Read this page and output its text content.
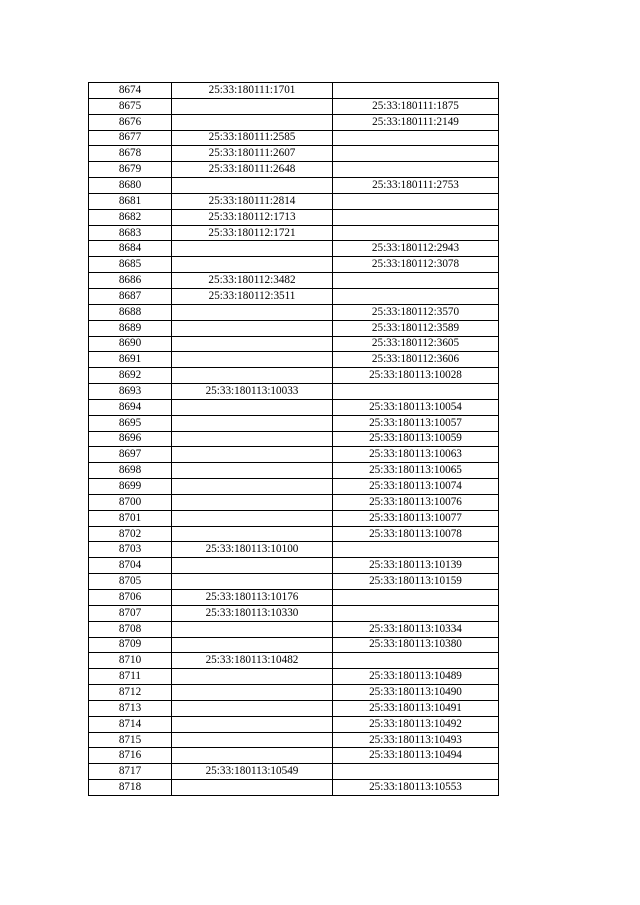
8674	25:33:180111:1701	
8675		25:33:180111:1875
8676		25:33:180111:2149
8677	25:33:180111:2585	
8678	25:33:180111:2607	
8679	25:33:180111:2648	
8680		25:33:180111:2753
8681	25:33:180111:2814	
8682	25:33:180112:1713	
8683	25:33:180112:1721	
8684		25:33:180112:2943
8685		25:33:180112:3078
8686	25:33:180112:3482	
8687	25:33:180112:3511	
8688		25:33:180112:3570
8689		25:33:180112:3589
8690		25:33:180112:3605
8691		25:33:180112:3606
8692		25:33:180113:10028
8693	25:33:180113:10033	
8694		25:33:180113:10054
8695		25:33:180113:10057
8696		25:33:180113:10059
8697		25:33:180113:10063
8698		25:33:180113:10065
8699		25:33:180113:10074
8700		25:33:180113:10076
8701		25:33:180113:10077
8702		25:33:180113:10078
8703	25:33:180113:10100	
8704		25:33:180113:10139
8705		25:33:180113:10159
8706	25:33:180113:10176	
8707	25:33:180113:10330	
8708		25:33:180113:10334
8709		25:33:180113:10380
8710	25:33:180113:10482	
8711		25:33:180113:10489
8712		25:33:180113:10490
8713		25:33:180113:10491
8714		25:33:180113:10492
8715		25:33:180113:10493
8716		25:33:180113:10494
8717	25:33:180113:10549	
8718		25:33:180113:10553
